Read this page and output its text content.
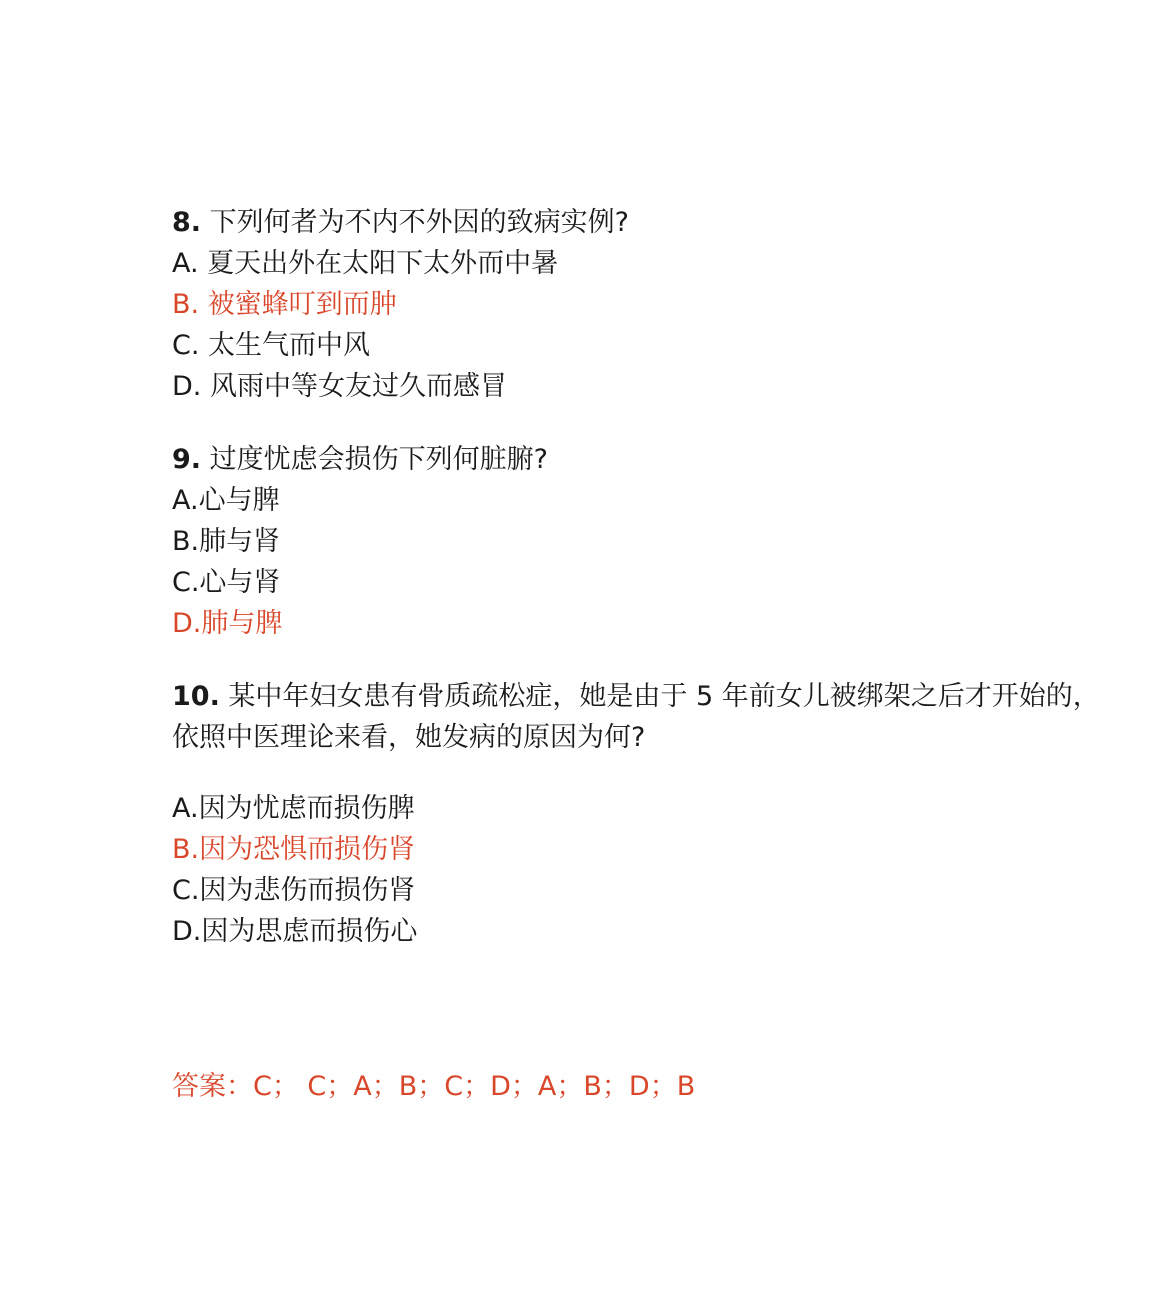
8. 下列何者为不内不外因的致病实例?
A. 夏天出外在太阳下太外而中暑
B. 被蜜蜂叮到而肿
C. 太生气而中风
D. 风雨中等女友过久而感冒
9. 过度忧虑会损伤下列何脏腑?
A.心与脾
B.肺与肾
C.心与肾
D.肺与脾
10. 某中年妇女患有骨质疏松症，她是由于 5 年前女儿被绑架之后才开始的，
依照中医理论来看，她发病的原因为何?
A.因为忧虑而损伤脾
B.因为恐惧而损伤肾
C.因为悲伤而损伤肾
D.因为思虑而损伤心
答案：C； C；A；B；C；D；A；B；D；B
